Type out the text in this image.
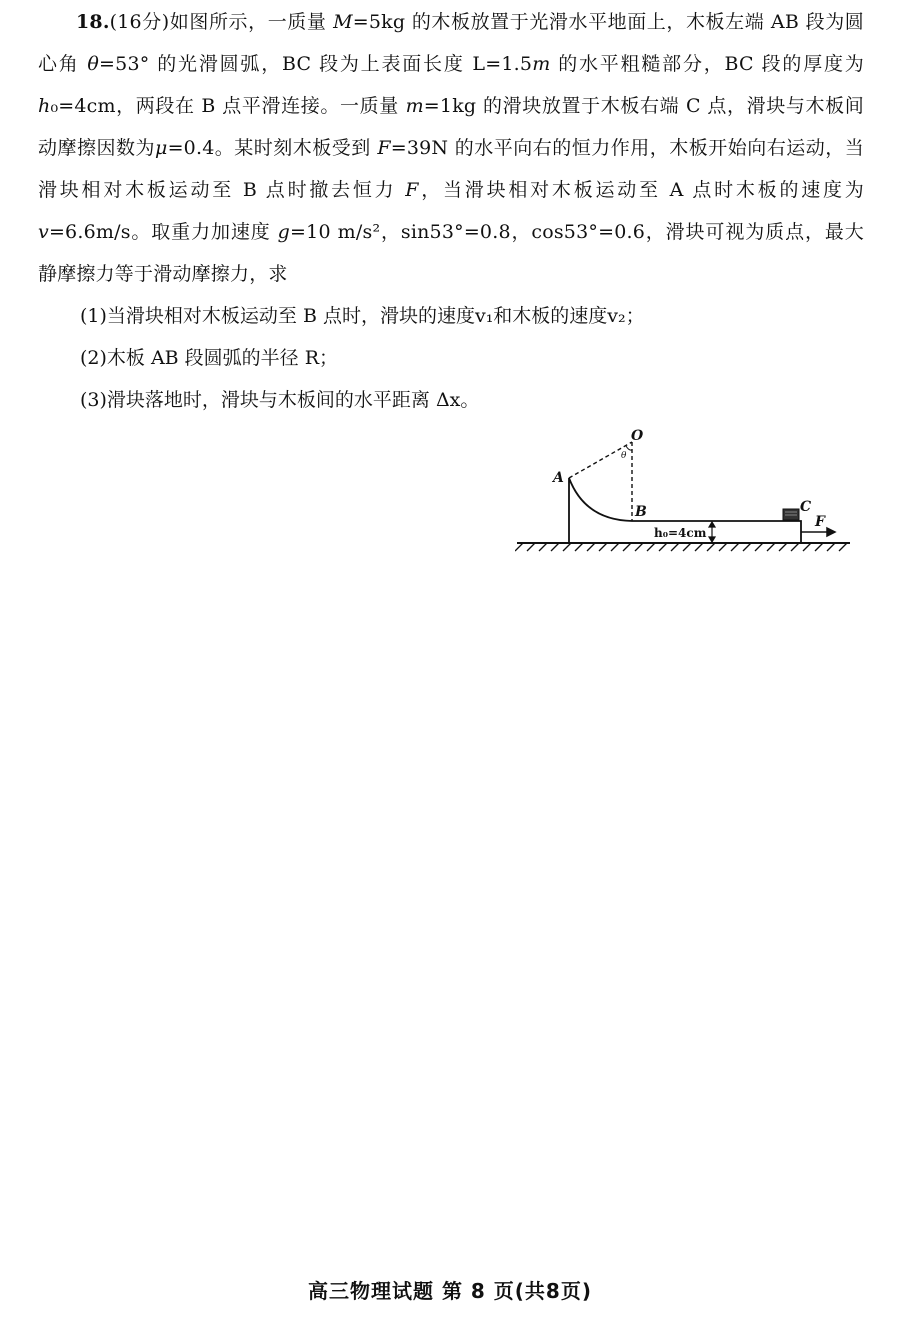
18.(16分)如图所示，一质量 M=5kg 的木板放置于光滑水平地面上，木板左端 AB 段为圆心角 θ=53° 的光滑圆弧，BC 段为上表面长度 L=1.5m 的水平粗糙部分，BC 段的厚度为h₀=4cm，两段在 B 点平滑连接。一质量 m=1kg 的滑块放置于木板右端 C 点，滑块与木板间动摩擦因数为μ=0.4。某时刻木板受到 F=39N 的水平向右的恒力作用，木板开始向右运动，当滑块相对木板运动至 B 点时撤去恒力 F，当滑块相对木板运动至 A 点时木板的速度为 v=6.6m/s。取重力加速度 g=10 m/s²，sin53°=0.8，cos53°=0.6，滑块可视为质点，最大静摩擦力等于滑动摩擦力，求

(1)当滑块相对木板运动至 B 点时，滑块的速度v₁和木板的速度v₂；

(2)木板 AB 段圆弧的半径 R；

(3)滑块落地时，滑块与木板间的水平距离 Δx。

O
θ
A
B	C
F
h₀=4cm
高三物理试题 第 8 页(共8页)
